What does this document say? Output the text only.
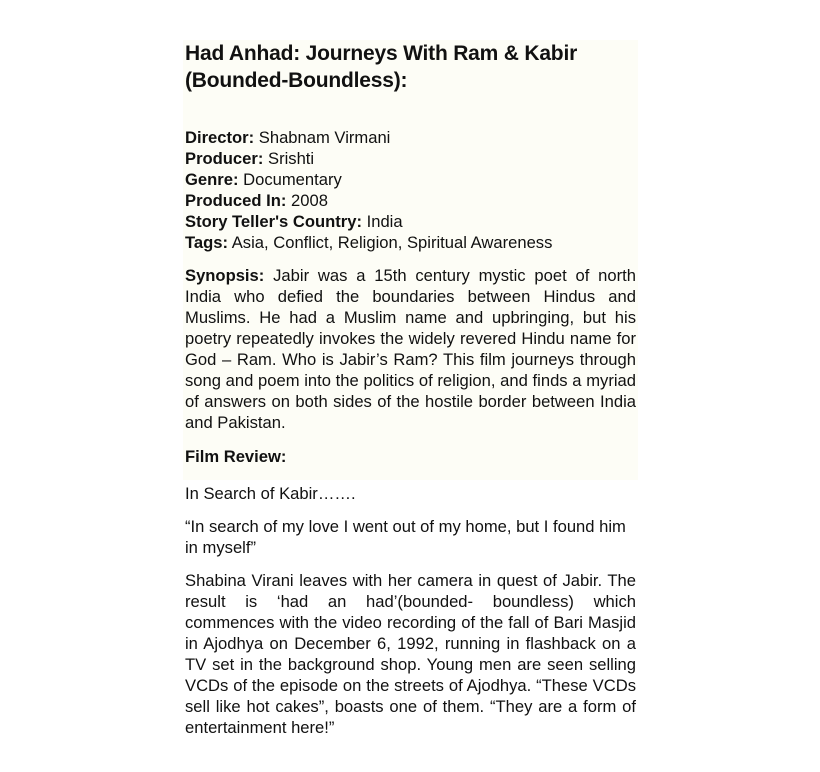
Had Anhad: Journeys With Ram & Kabir (Bounded-Boundless):
Director: Shabnam Virmani
Producer: Srishti
Genre: Documentary
Produced In: 2008
Story Teller's Country: India
Tags: Asia, Conflict, Religion, Spiritual Awareness

Synopsis: Jabir was a 15th century mystic poet of north India who defied the boundaries between Hindus and Muslims. He had a Muslim name and upbringing, but his poetry repeatedly invokes the widely revered Hindu name for God – Ram. Who is Jabir’s Ram? This film journeys through song and poem into the politics of religion, and finds a myriad of answers on both sides of the hostile border between India and Pakistan.

Film Review:
In Search of Kabir…….

“In search of my love I went out of my home, but I found him in myself”

Shabina Virani leaves with her camera in quest of Jabir. The result is ‘had an had’(bounded- boundless) which commences with the video recording of the fall of Bari Masjid in Ajodhya on December 6, 1992, running in flashback on a TV set in the background shop. Young men are seen selling VCDs of the episode on the streets of Ajodhya. “These VCDs sell like hot cakes”, boasts one of them. “They are a form of entertainment here!”
